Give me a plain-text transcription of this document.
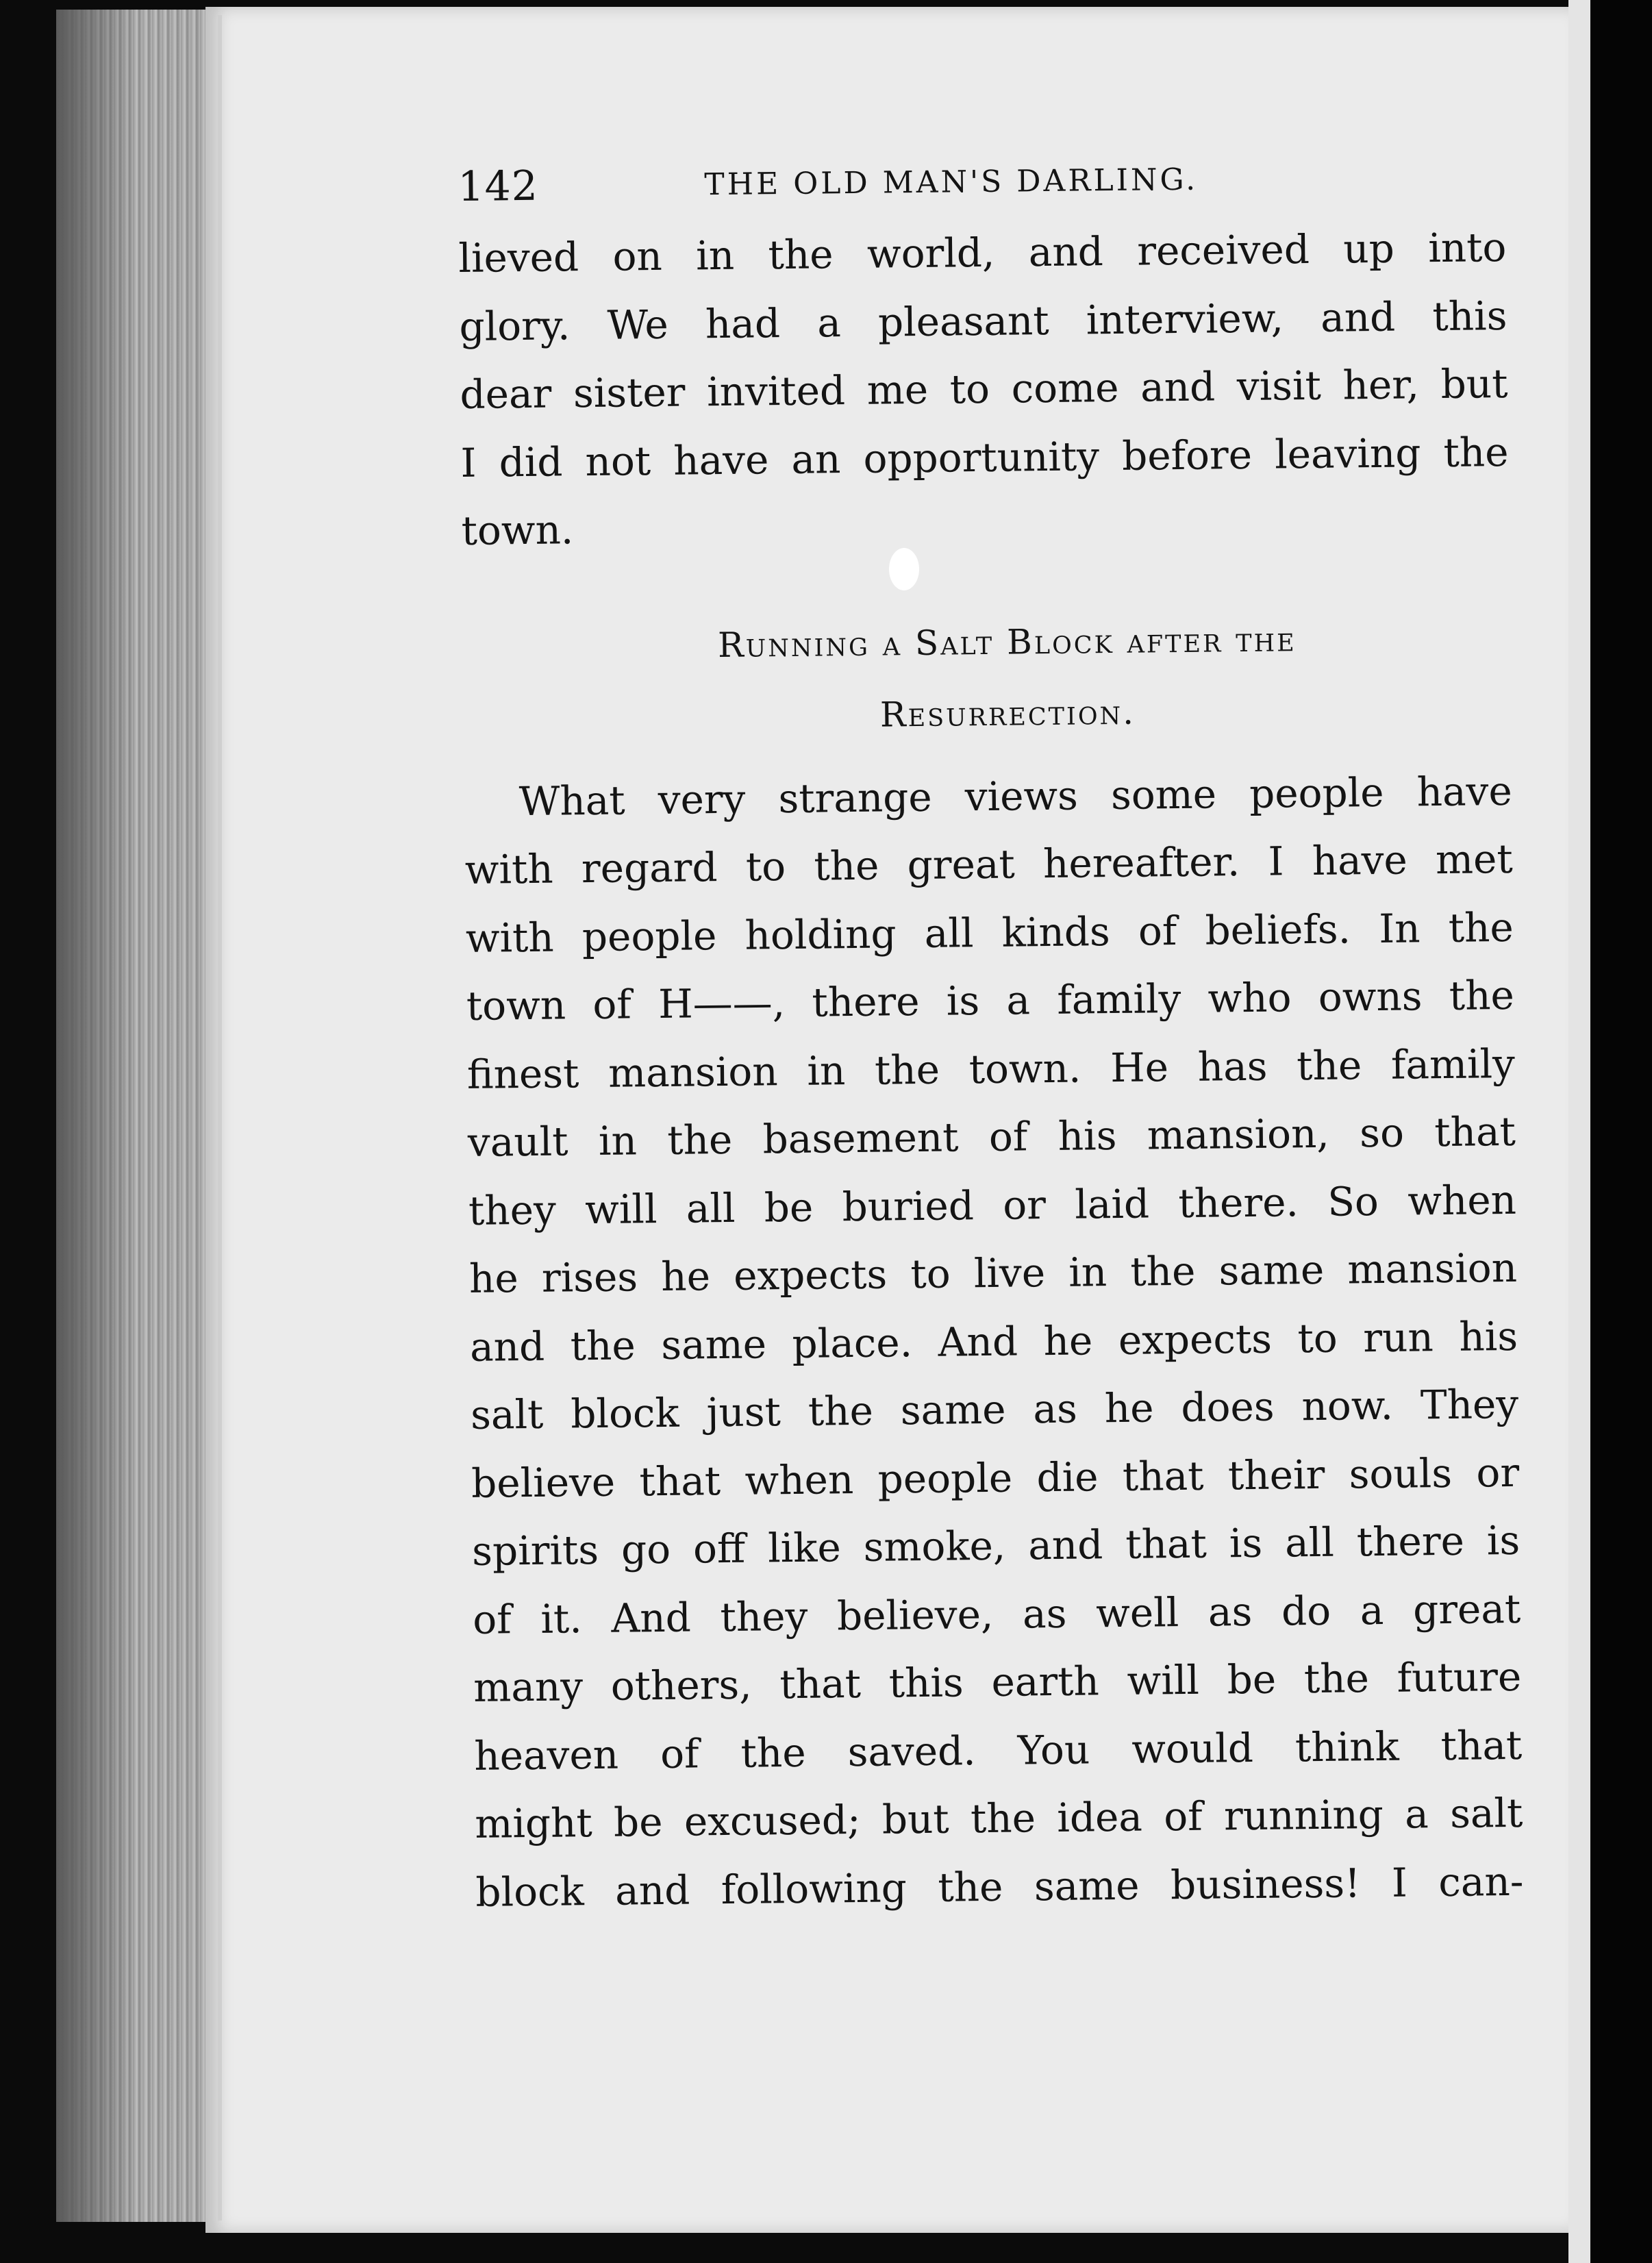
142	THE OLD MAN'S DARLING.

lieved on in the world, and received up into
glory. We had a pleasant interview, and this
dear sister invited me to come and visit her, but
I did not have an opportunity before leaving the
town.

Running a Salt Block after the
Resurrection.

What very strange views some people have
with regard to the great hereafter. I have met
with people holding all kinds of beliefs. In the
town of H——, there is a family who owns the
finest mansion in the town. He has the family
vault in the basement of his mansion, so that
they will all be buried or laid there. So when
he rises he expects to live in the same mansion
and the same place. And he expects to run his
salt block just the same as he does now. They
believe that when people die that their souls or
spirits go off like smoke, and that is all there is
of it. And they believe, as well as do a great
many others, that this earth will be the future
heaven of the saved. You would think that
might be excused; but the idea of running a salt
block and following the same business! I can-
